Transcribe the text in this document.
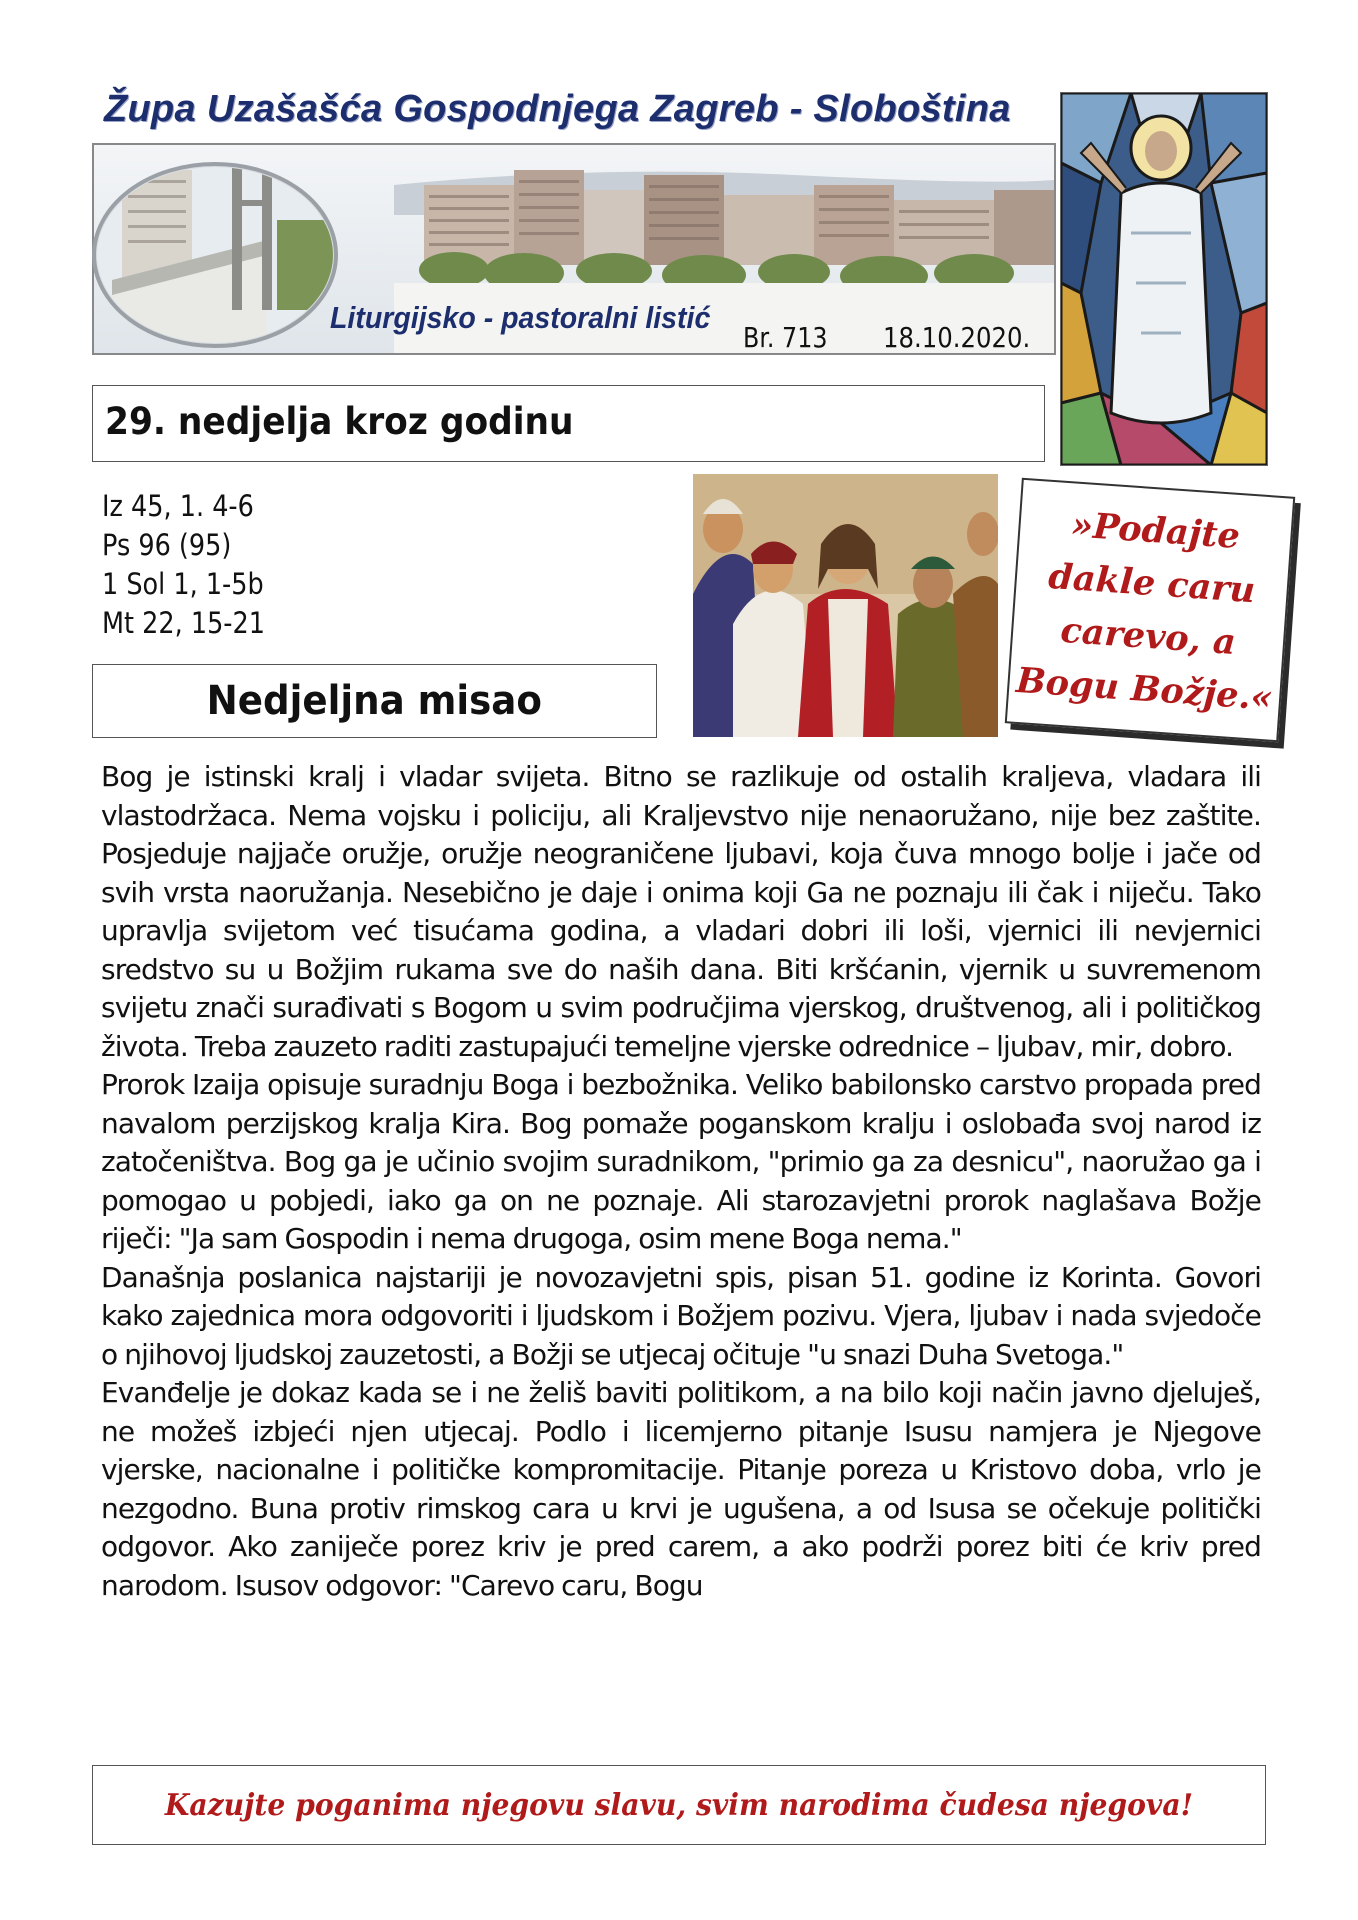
Župa Uzašašća Gospodnjega Zagreb - Sloboština
Liturgijsko - pastoralni listić
Br. 713 18.10.2020.
29. nedjelja kroz godinu
Iz 45, 1. 4-6
Ps 96 (95)
1 Sol 1, 1-5b
Mt 22, 15-21
Nedjeljna misao
»Podajte
dakle caru
carevo, a
Bogu Božje.«

Bog je istinski kralj i vladar svijeta. Bitno se razlikuje od ostalih kraljeva, vladara ili vlastodržaca. Nema vojsku i policiju, ali Kraljevstvo nije nenaoružano, nije bez zaštite. Posjeduje najjače oružje, oružje neograničene ljubavi, koja čuva mnogo bolje i jače od svih vrsta naoružanja. Nesebično je daje i onima koji Ga ne poznaju ili čak i niječu. Tako upravlja svijetom već tisućama godina, a vladari dobri ili loši, vjernici ili nevjernici sredstvo su u Božjim rukama sve do naših dana. Biti kršćanin, vjernik u suvremenom svijetu znači surađivati s Bogom u svim područjima vjerskog, društvenog, ali i političkog života. Treba zauzeto raditi zastupajući temeljne vjerske odrednice – ljubav, mir, dobro.

Prorok Izaija opisuje suradnju Boga i bezbožnika. Veliko babilonsko carstvo propada pred navalom perzijskog kralja Kira. Bog pomaže poganskom kralju i oslobađa svoj narod iz zatočeništva. Bog ga je učinio svojim suradnikom, "primio ga za desnicu", naoružao ga i pomogao u pobjedi, iako ga on ne poznaje. Ali starozavjetni prorok naglašava Božje riječi: "Ja sam Gospodin i nema drugoga, osim mene Boga nema."

Današnja poslanica najstariji je novozavjetni spis, pisan 51. godine iz Korinta. Govori kako zajednica mora odgovoriti i ljudskom i Božjem pozivu. Vjera, ljubav i nada svjedoče o njihovoj ljudskoj zauzetosti, a Božji se utjecaj očituje "u snazi Duha Svetoga."

Evanđelje je dokaz kada se i ne želiš baviti politikom, a na bilo koji način javno djeluješ, ne možeš izbjeći njen utjecaj. Podlo i licemjerno pitanje Isusu namjera je Njegove vjerske, nacionalne i političke kompromitacije. Pitanje poreza u Kristovo doba, vrlo je nezgodno. Buna protiv rimskog cara u krvi je ugušena, a od Isusa se očekuje politički odgovor. Ako zaniječe porez kriv je pred carem, a ako podrži porez biti će kriv pred narodom. Isusov odgovor: "Carevo caru, Bogu

Kazujte poganima njegovu slavu, svim narodima čudesa njegova!
